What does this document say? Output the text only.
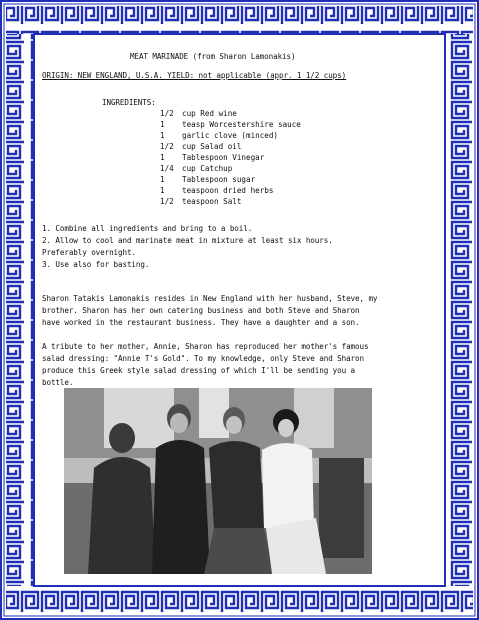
MEAT MARINADE (from Sharon Lamonakis)
ORIGIN: NEW ENGLAND, U.S.A. YIELD: not applicable (appr. 1 1/2 cups)
INGREDIENTS:
1/2 cup Red wine
1 teasp Worcestershire sauce
1 garlic clove (minced)
1/2 cup Salad oil
1 Tablespoon Vinegar
1/4 cup Catchup
1 Tablespoon sugar
1 teaspoon dried herbs
1/2 teaspoon Salt
1. Combine all ingredients and bring to a boil.
2. Allow to cool and marinate meat in mixture at least six hours.
Preferably overnight.
3. Use also for basting.
Sharon Tatakis Lamonakis resides in New England with her husband, Steve, my
brother. Sharon has her own catering business and both Steve and Sharon
have worked in the restaurant business. They have a daughter and a son.
A tribute to her mother, Annie, Sharon has reproduced her mother's famous
salad dressing: "Annie T's Gold". To my knowledge, only Steve and Sharon
produce this Greek style salad dressing of which I'll be sending you a
bottle.
